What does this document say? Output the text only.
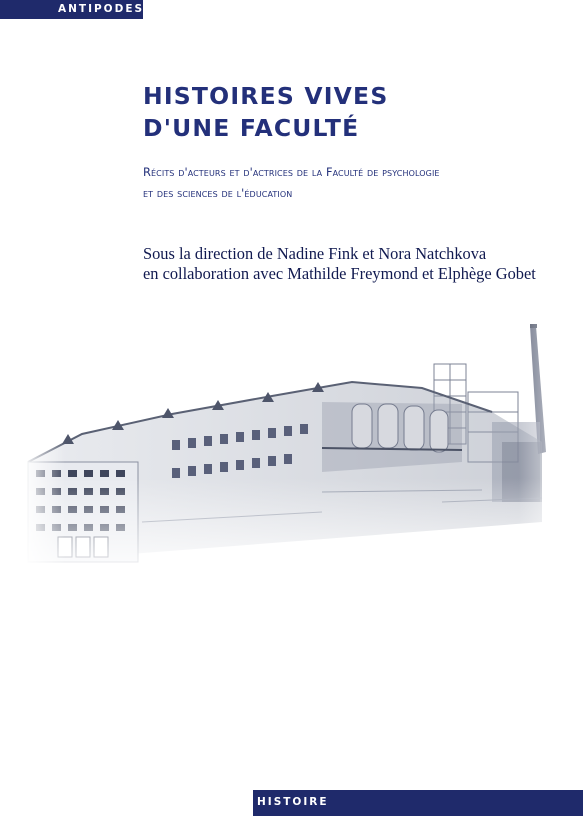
ANTIPODES
HISTOIRES VIVES
D'UNE FACULTÉ
Récits d'acteurs et d'actrices de la Faculté de psychologie
et des sciences de l'éducation
Sous la direction de Nadine Fink et Nora Natchkova
en collaboration avec Mathilde Freymond et Elphège Gobet
HISTOIRE
